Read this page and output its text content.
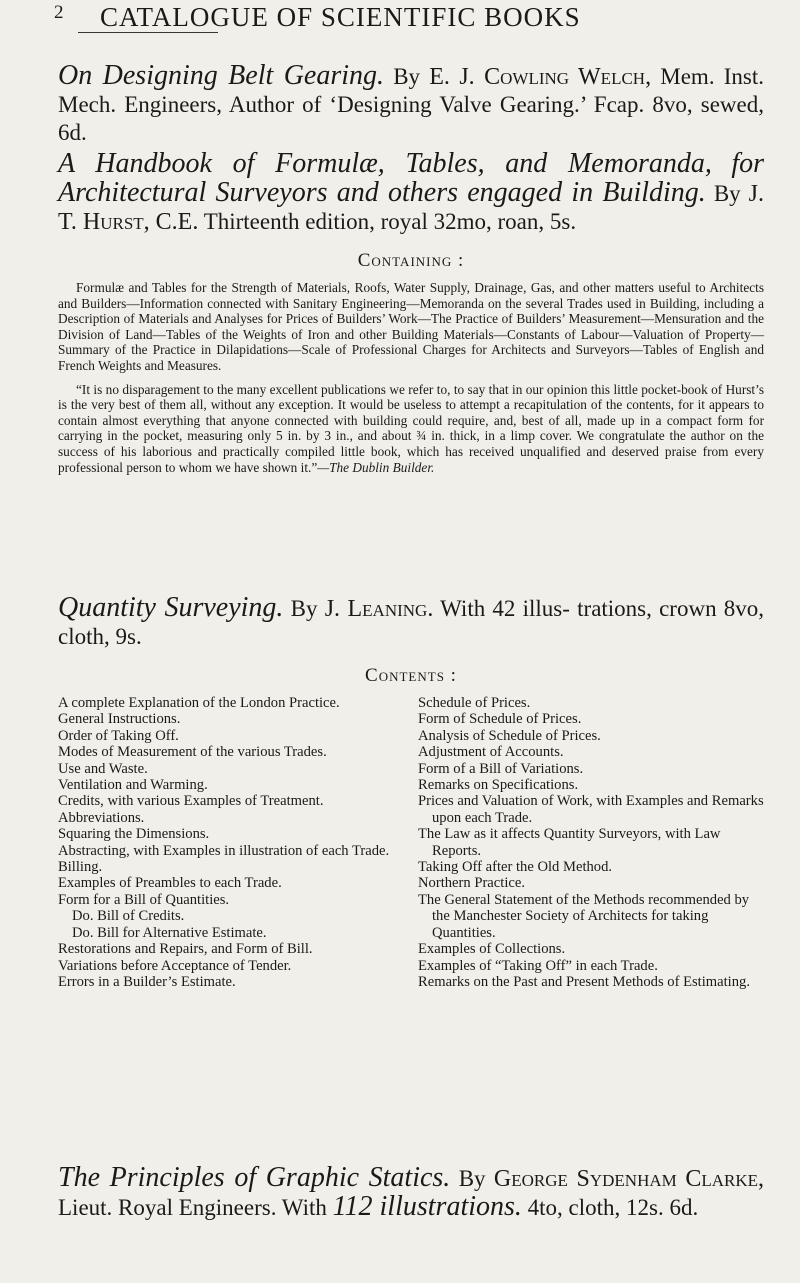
2 CATALOGUE OF SCIENTIFIC BOOKS
On Designing Belt Gearing. By E. J. Cowling Welch, Mem. Inst. Mech. Engineers, Author of ‘Designing Valve Gearing.’ Fcap. 8vo, sewed, 6d.
A Handbook of Formulæ, Tables, and Memoranda, for Architectural Surveyors and others engaged in Building. By J. T. Hurst, C.E. Thirteenth edition, royal 32mo, roan, 5s.
Containing :

Formulæ and Tables for the Strength of Materials, Roofs, Water Supply, Drainage, Gas, and other matters useful to Architects and Builders—Information connected with Sanitary Engineering—Memoranda on the several Trades used in Building, including a Description of Materials and Analyses for Prices of Builders’ Work—The Practice of Builders’ Measurement—Mensuration and the Division of Land—Tables of the Weights of Iron and other Building Materials—Constants of Labour—Valuation of Property—Summary of the Practice in Dilapidations—Scale of Professional Charges for Architects and Surveyors—Tables of English and French Weights and Measures.

“It is no disparagement to the many excellent publications we refer to, to say that in our opinion this little pocket-book of Hurst’s is the very best of them all, without any exception. It would be useless to attempt a recapitulation of the contents, for it appears to contain almost everything that anyone connected with building could require, and, best of all, made up in a compact form for carrying in the pocket, measuring only 5 in. by 3 in., and about ¾ in. thick, in a limp cover. We congratulate the author on the success of his laborious and practically compiled little book, which has received unqualified and deserved praise from every professional person to whom we have shown it.”—The Dublin Builder.

Quantity Surveying. By J. Leaning. With 42 illus- trations, crown 8vo, cloth, 9s.
Contents :
A complete Explanation of the London Practice.
General Instructions.
Order of Taking Off.
Modes of Measurement of the various Trades.
Use and Waste.
Ventilation and Warming.
Credits, with various Examples of Treatment.
Abbreviations.
Squaring the Dimensions.
Abstracting, with Examples in illustration of each Trade.
Billing.
Examples of Preambles to each Trade.
Form for a Bill of Quantities.
Do. Bill of Credits.
Do. Bill for Alternative Estimate.
Restorations and Repairs, and Form of Bill.
Variations before Acceptance of Tender.
Errors in a Builder’s Estimate.
Schedule of Prices.
Form of Schedule of Prices.
Analysis of Schedule of Prices.
Adjustment of Accounts.
Form of a Bill of Variations.
Remarks on Specifications.
Prices and Valuation of Work, with Examples and Remarks upon each Trade.
The Law as it affects Quantity Surveyors, with Law Reports.
Taking Off after the Old Method.
Northern Practice.
The General Statement of the Methods recommended by the Manchester Society of Architects for taking Quantities.
Examples of Collections.
Examples of “Taking Off” in each Trade.
Remarks on the Past and Present Methods of Estimating.
The Principles of Graphic Statics. By George Sydenham Clarke, Lieut. Royal Engineers. With 112 illustrations. 4to, cloth, 12s. 6d.
